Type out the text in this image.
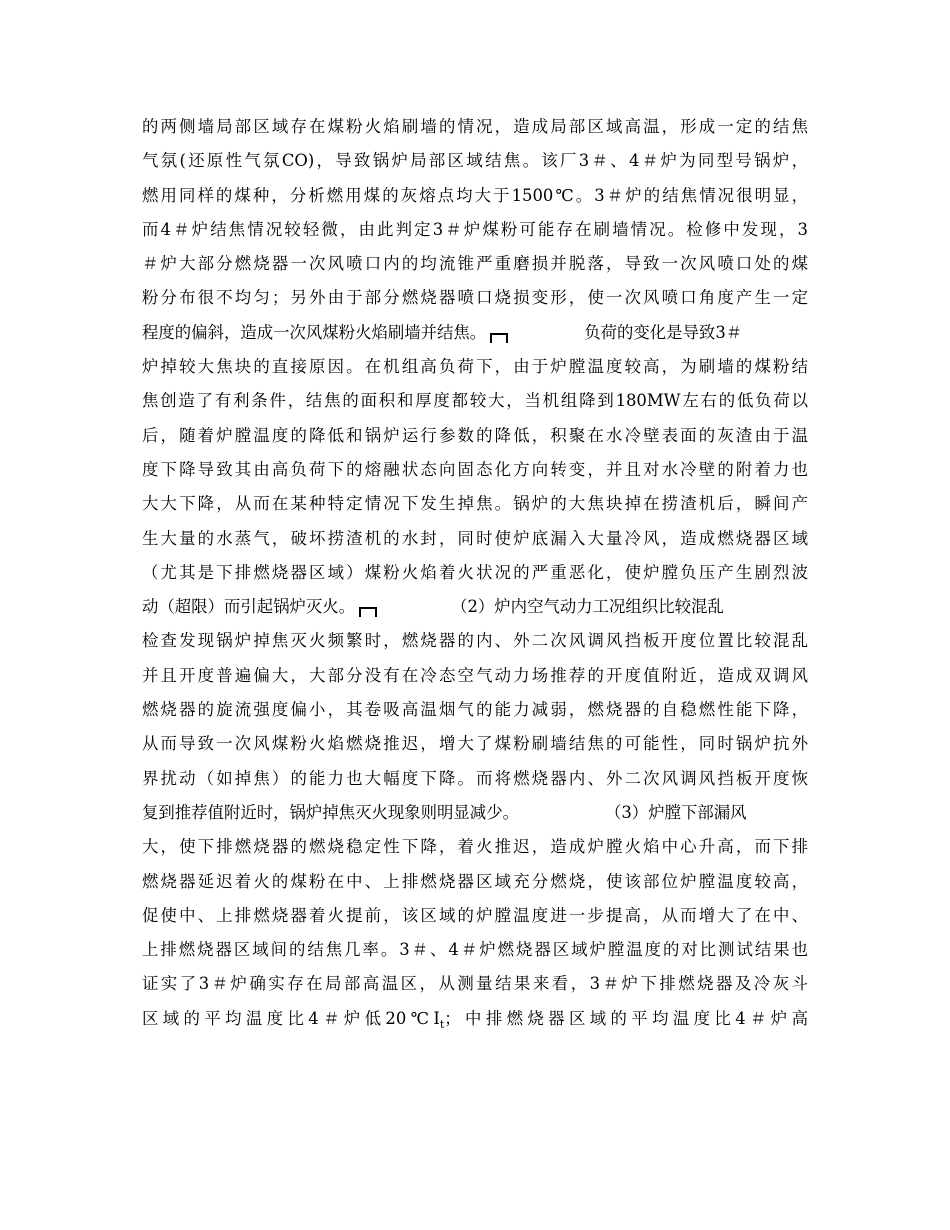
的两侧墙局部区域存在煤粉火焰刷墙的情况，造成局部区域高温，形成一定的结焦
气氛(还原性气氛CO)，导致锅炉局部区域结焦。该厂3＃、4＃炉为同型号锅炉，
燃用同样的煤种，分析燃用煤的灰熔点均大于1500℃。3＃炉的结焦情况很明显，
而4＃炉结焦情况较轻微，由此判定3＃炉煤粉可能存在刷墙情况。检修中发现，3
＃炉大部分燃烧器一次风喷口内的均流锥严重磨损并脱落，导致一次风喷口处的煤
粉分布很不均匀；另外由于部分燃烧器喷口烧损变形，使一次风喷口角度产生一定
程度的偏斜，造成一次风煤粉火焰刷墙并结焦。	负荷的变化是导致3＃
炉掉较大焦块的直接原因。在机组高负荷下，由于炉膛温度较高，为刷墙的煤粉结
焦创造了有利条件，结焦的面积和厚度都较大，当机组降到180MW左右的低负荷以
后，随着炉膛温度的降低和锅炉运行参数的降低，积聚在水冷壁表面的灰渣由于温
度下降导致其由高负荷下的熔融状态向固态化方向转变，并且对水冷壁的附着力也
大大下降，从而在某种特定情况下发生掉焦。锅炉的大焦块掉在捞渣机后，瞬间产
生大量的水蒸气，破坏捞渣机的水封，同时使炉底漏入大量冷风，造成燃烧器区域
（尤其是下排燃烧器区域）煤粉火焰着火状况的严重恶化，使炉膛负压产生剧烈波
动（超限）而引起锅炉灭火。	（2）炉内空气动力工况组织比较混乱
检查发现锅炉掉焦灭火频繁时，燃烧器的内、外二次风调风挡板开度位置比较混乱
并且开度普遍偏大，大部分没有在冷态空气动力场推荐的开度值附近，造成双调风
燃烧器的旋流强度偏小，其卷吸高温烟气的能力减弱，燃烧器的自稳燃性能下降，
从而导致一次风煤粉火焰燃烧推迟，增大了煤粉刷墙结焦的可能性，同时锅炉抗外
界扰动（如掉焦）的能力也大幅度下降。而将燃烧器内、外二次风调风挡板开度恢
复到推荐值附近时，锅炉掉焦灭火现象则明显减少。	（3）炉膛下部漏风
大，使下排燃烧器的燃烧稳定性下降，着火推迟，造成炉膛火焰中心升高，而下排
燃烧器延迟着火的煤粉在中、上排燃烧器区域充分燃烧，使该部位炉膛温度较高，
促使中、上排燃烧器着火提前，该区域的炉膛温度进一步提高，从而增大了在中、
上排燃烧器区域间的结焦几率。3＃、4＃炉燃烧器区域炉膛温度的对比测试结果也
证实了3＃炉确实存在局部高温区，从测量结果来看，3＃炉下排燃烧器及冷灰斗
区域的平均温度比4＃炉低$20℃I_t$；中排燃烧器区域的平均温度比4＃炉高
